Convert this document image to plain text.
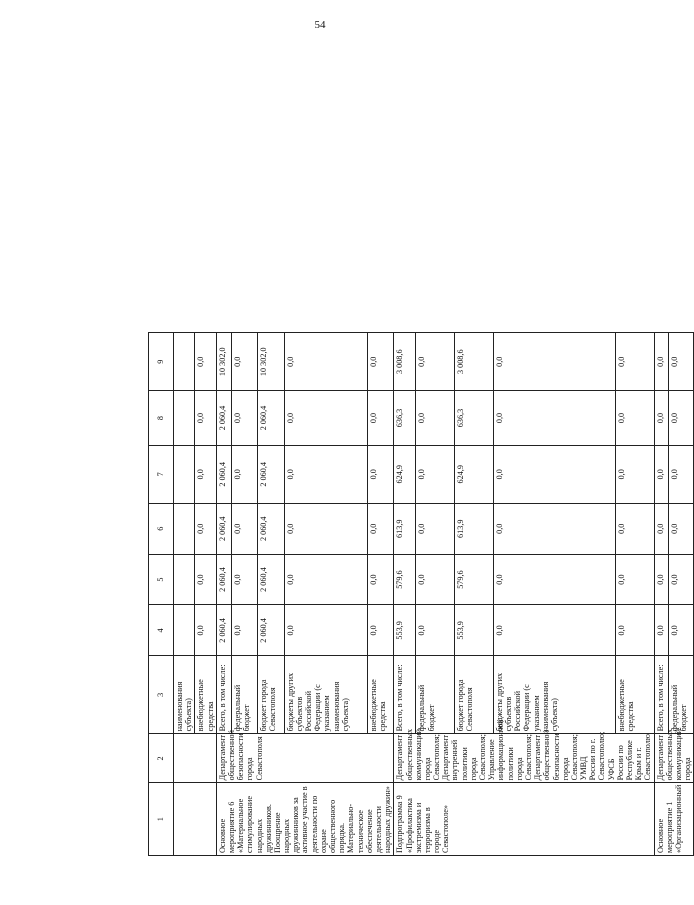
54
1	2	3	4	5	6	7	8	9
		наименования субъекта)						
		внебюджетные средства	0,0	0,0	0,0	0,0	0,0	0,0
Основное мероприятие 6 «Материальное стимулирование народных дружинников. Поощрение народных дружинников за активное участие в деятельности по охране общественного порядка. Материально-техническое обеспечение деятельности народных дружин»	Департамент общественной безопасности города Севастополя	Всего, в том числе:	2 060,4	2 060,4	2 060,4	2 060,4	2 060,4	10 302,0
		федеральный бюджет	0,0	0,0	0,0	0,0	0,0	0,0
		бюджет города Севастополя	2 060,4	2 060,4	2 060,4	2 060,4	2 060,4	10 302,0
		бюджеты других субъектов Российской Федерации (с указанием наименования субъекта)	0,0	0,0	0,0	0,0	0,0	0,0
		внебюджетные средства	0,0	0,0	0,0	0,0	0,0	0,0
Подпрограмма 9 «Профилактика экстремизма и терроризма в городе Севастополе»	Департамент общественных коммуникаций города Севастополя; Департамент внутренней политики города Севастополя; Управление информационной политики города Севастополя; Департамент общественной безопасности города Севастополя; УМВД России по г. Севастополю; УФСБ России по Республике Крым и г. Севастополю	Всего, в том числе:	553,9	579,6	613,9	624,9	636,3	3 008,6
		федеральный бюджет	0,0	0,0	0,0	0,0	0,0	0,0
		бюджет города Севастополя	553,9	579,6	613,9	624,9	636,3	3 008,6
		бюджеты других субъектов Российской Федерации (с указанием наименования субъекта)	0,0	0,0	0,0	0,0	0,0	0,0
		внебюджетные средства	0,0	0,0	0,0	0,0	0,0	0,0
Основное мероприятие 1 «Организационный	Департамент общественных коммуникаций города	Всего, в том числе:	0,0	0,0	0,0	0,0	0,0	0,0
		федеральный бюджет	0,0	0,0	0,0	0,0	0,0	0,0
